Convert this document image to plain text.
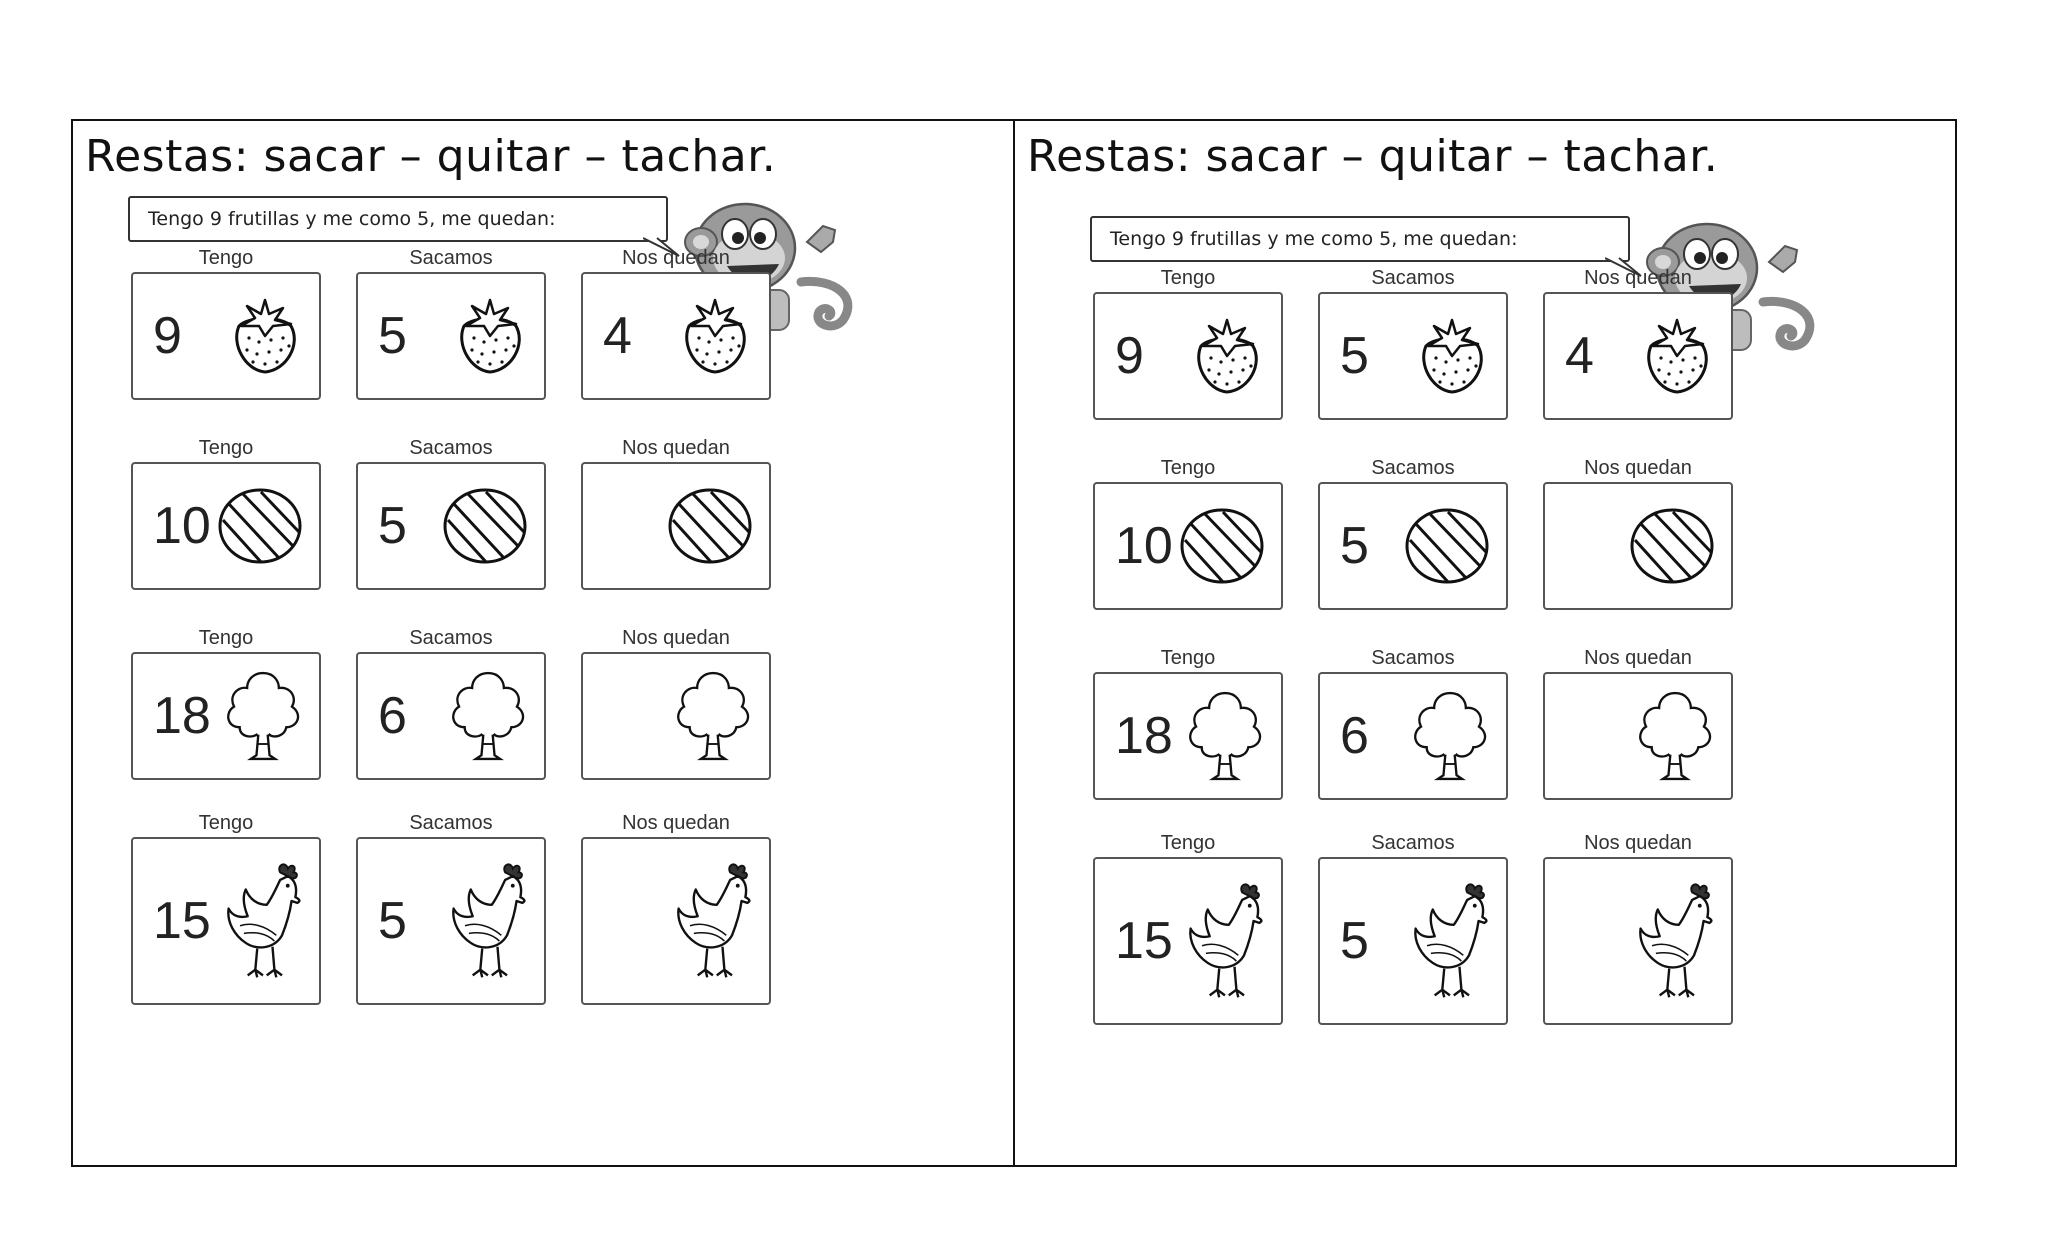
Restas: sacar – quitar – tachar.
Tengo 9 frutillas y me como 5, me quedan:
Tengo
9
Sacamos
5
Nos quedan
4
Tengo
10
Sacamos
5
Nos quedan
Tengo
18
Sacamos
6
Nos quedan
Tengo
15
Sacamos
5
Nos quedan
Restas: sacar – quitar – tachar.
Tengo 9 frutillas y me como 5, me quedan:
Tengo
9
Sacamos
5
Nos quedan
4
Tengo
10
Sacamos
5
Nos quedan
Tengo
18
Sacamos
6
Nos quedan
Tengo
15
Sacamos
5
Nos quedan
